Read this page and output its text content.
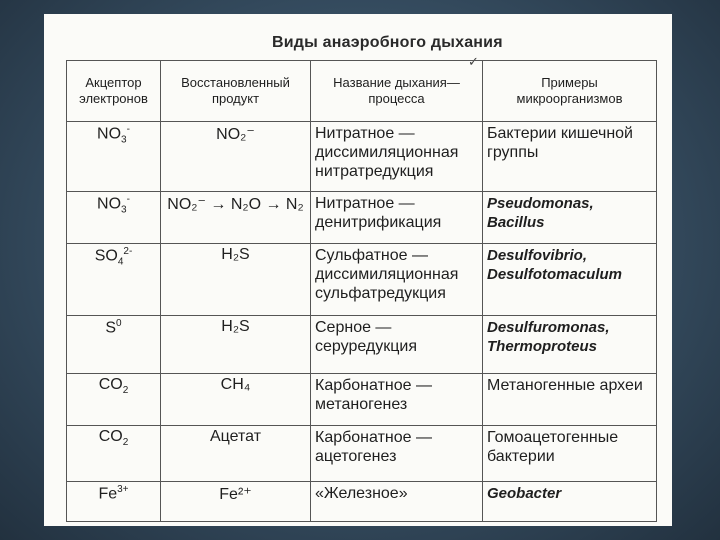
Виды анаэробного дыхания
✓
Акцептор электронов	Восстановленный продукт	Название дыхания— процесса	Примеры микроорганизмов
$NO_3^-$	NO₂⁻	Нитратное — диссимиляционная нитратредукция	Бактерии кишечной группы
$NO_3^-$	NO₂⁻ → N₂O → N₂	Нитратное — денитрификация	Pseudomonas, Bacillus
$SO_4^{2-}$	H₂S	Сульфатное — диссимиляционная сульфатредукция	Desulfovibrio, Desulfotomaculum
$S^0$	H₂S	Серное — серуредукция	Desulfuromonas, Thermoproteus
$CO_2$	CH₄	Карбонатное — метаногенез	Метаногенные археи
$CO_2$	Ацетат	Карбонатное — ацетогенез	Гомоацетогенные бактерии
$Fe^{3+}$	Fe²⁺	«Железное»	Geobacter
